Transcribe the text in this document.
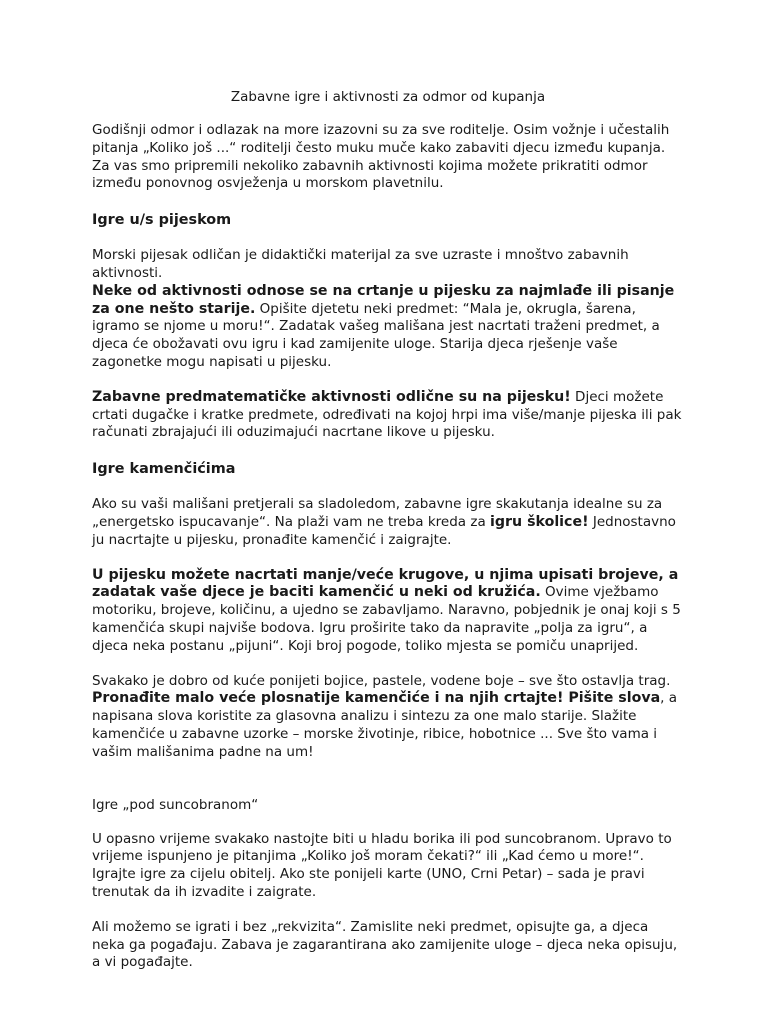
Zabavne igre i aktivnosti za odmor od kupanja

Godišnji odmor i odlazak na more izazovni su za sve roditelje. Osim vožnje i učestalih pitanja „Koliko još ...“ roditelji često muku muče kako zabaviti djecu između kupanja. Za vas smo pripremili nekoliko zabavnih aktivnosti kojima možete prikratiti odmor između ponovnog osvježenja u morskom plavetnilu.

Igre u/s pijeskom

Morski pijesak odličan je didaktički materijal za sve uzraste i mnoštvo zabavnih aktivnosti.
Neke od aktivnosti odnose se na crtanje u pijesku za najmlađe ili pisanje za one nešto starije. Opišite djetetu neki predmet: “Mala je, okrugla, šarena, igramo se njome u moru!“. Zadatak vašeg mališana jest nacrtati traženi predmet, a djeca će obožavati ovu igru i kad zamijenite uloge. Starija djeca rješenje vaše zagonetke mogu napisati u pijesku.

Zabavne predmatematičke aktivnosti odlične su na pijesku! Djeci možete crtati dugačke i kratke predmete, određivati na kojoj hrpi ima više/manje pijeska ili pak računati zbrajajući ili oduzimajući nacrtane likove u pijesku.

Igre kamenčićima

Ako su vaši mališani pretjerali sa sladoledom, zabavne igre skakutanja idealne su za „energetsko ispucavanje“. Na plaži vam ne treba kreda za igru školice! Jednostavno ju nacrtajte u pijesku, pronađite kamenčić i zaigrajte.

U pijesku možete nacrtati manje/veće krugove, u njima upisati brojeve, a zadatak vaše djece je baciti kamenčić u neki od kružića. Ovime vježbamo motoriku, brojeve, količinu, a ujedno se zabavljamo. Naravno, pobjednik je onaj koji s 5 kamenčića skupi najviše bodova. Igru proširite tako da napravite „polja za igru“, a djeca neka postanu „pijuni“. Koji broj pogode, toliko mjesta se pomiču unaprijed.

Svakako je dobro od kuće ponijeti bojice, pastele, vodene boje – sve što ostavlja trag.
Pronađite malo veće plosnatije kamenčiće i na njih crtajte! Pišite slova, a napisana slova koristite za glasovna analizu i sintezu za one malo starije. Slažite kamenčiće u zabavne uzorke – morske životinje, ribice, hobotnice ... Sve što vama i vašim mališanima padne na um!

Igre „pod suncobranom“

U opasno vrijeme svakako nastojte biti u hladu borika ili pod suncobranom. Upravo to vrijeme ispunjeno je pitanjima „Koliko još moram čekati?“ ili „Kad ćemo u more!“. Igrajte igre za cijelu obitelj. Ako ste ponijeli karte (UNO, Crni Petar) – sada je pravi trenutak da ih izvadite i zaigrate.

Ali možemo se igrati i bez „rekvizita“. Zamislite neki predmet, opisujte ga, a djeca neka ga pogađaju. Zabava je zagarantirana ako zamijenite uloge – djeca neka opisuju, a vi pogađajte.
